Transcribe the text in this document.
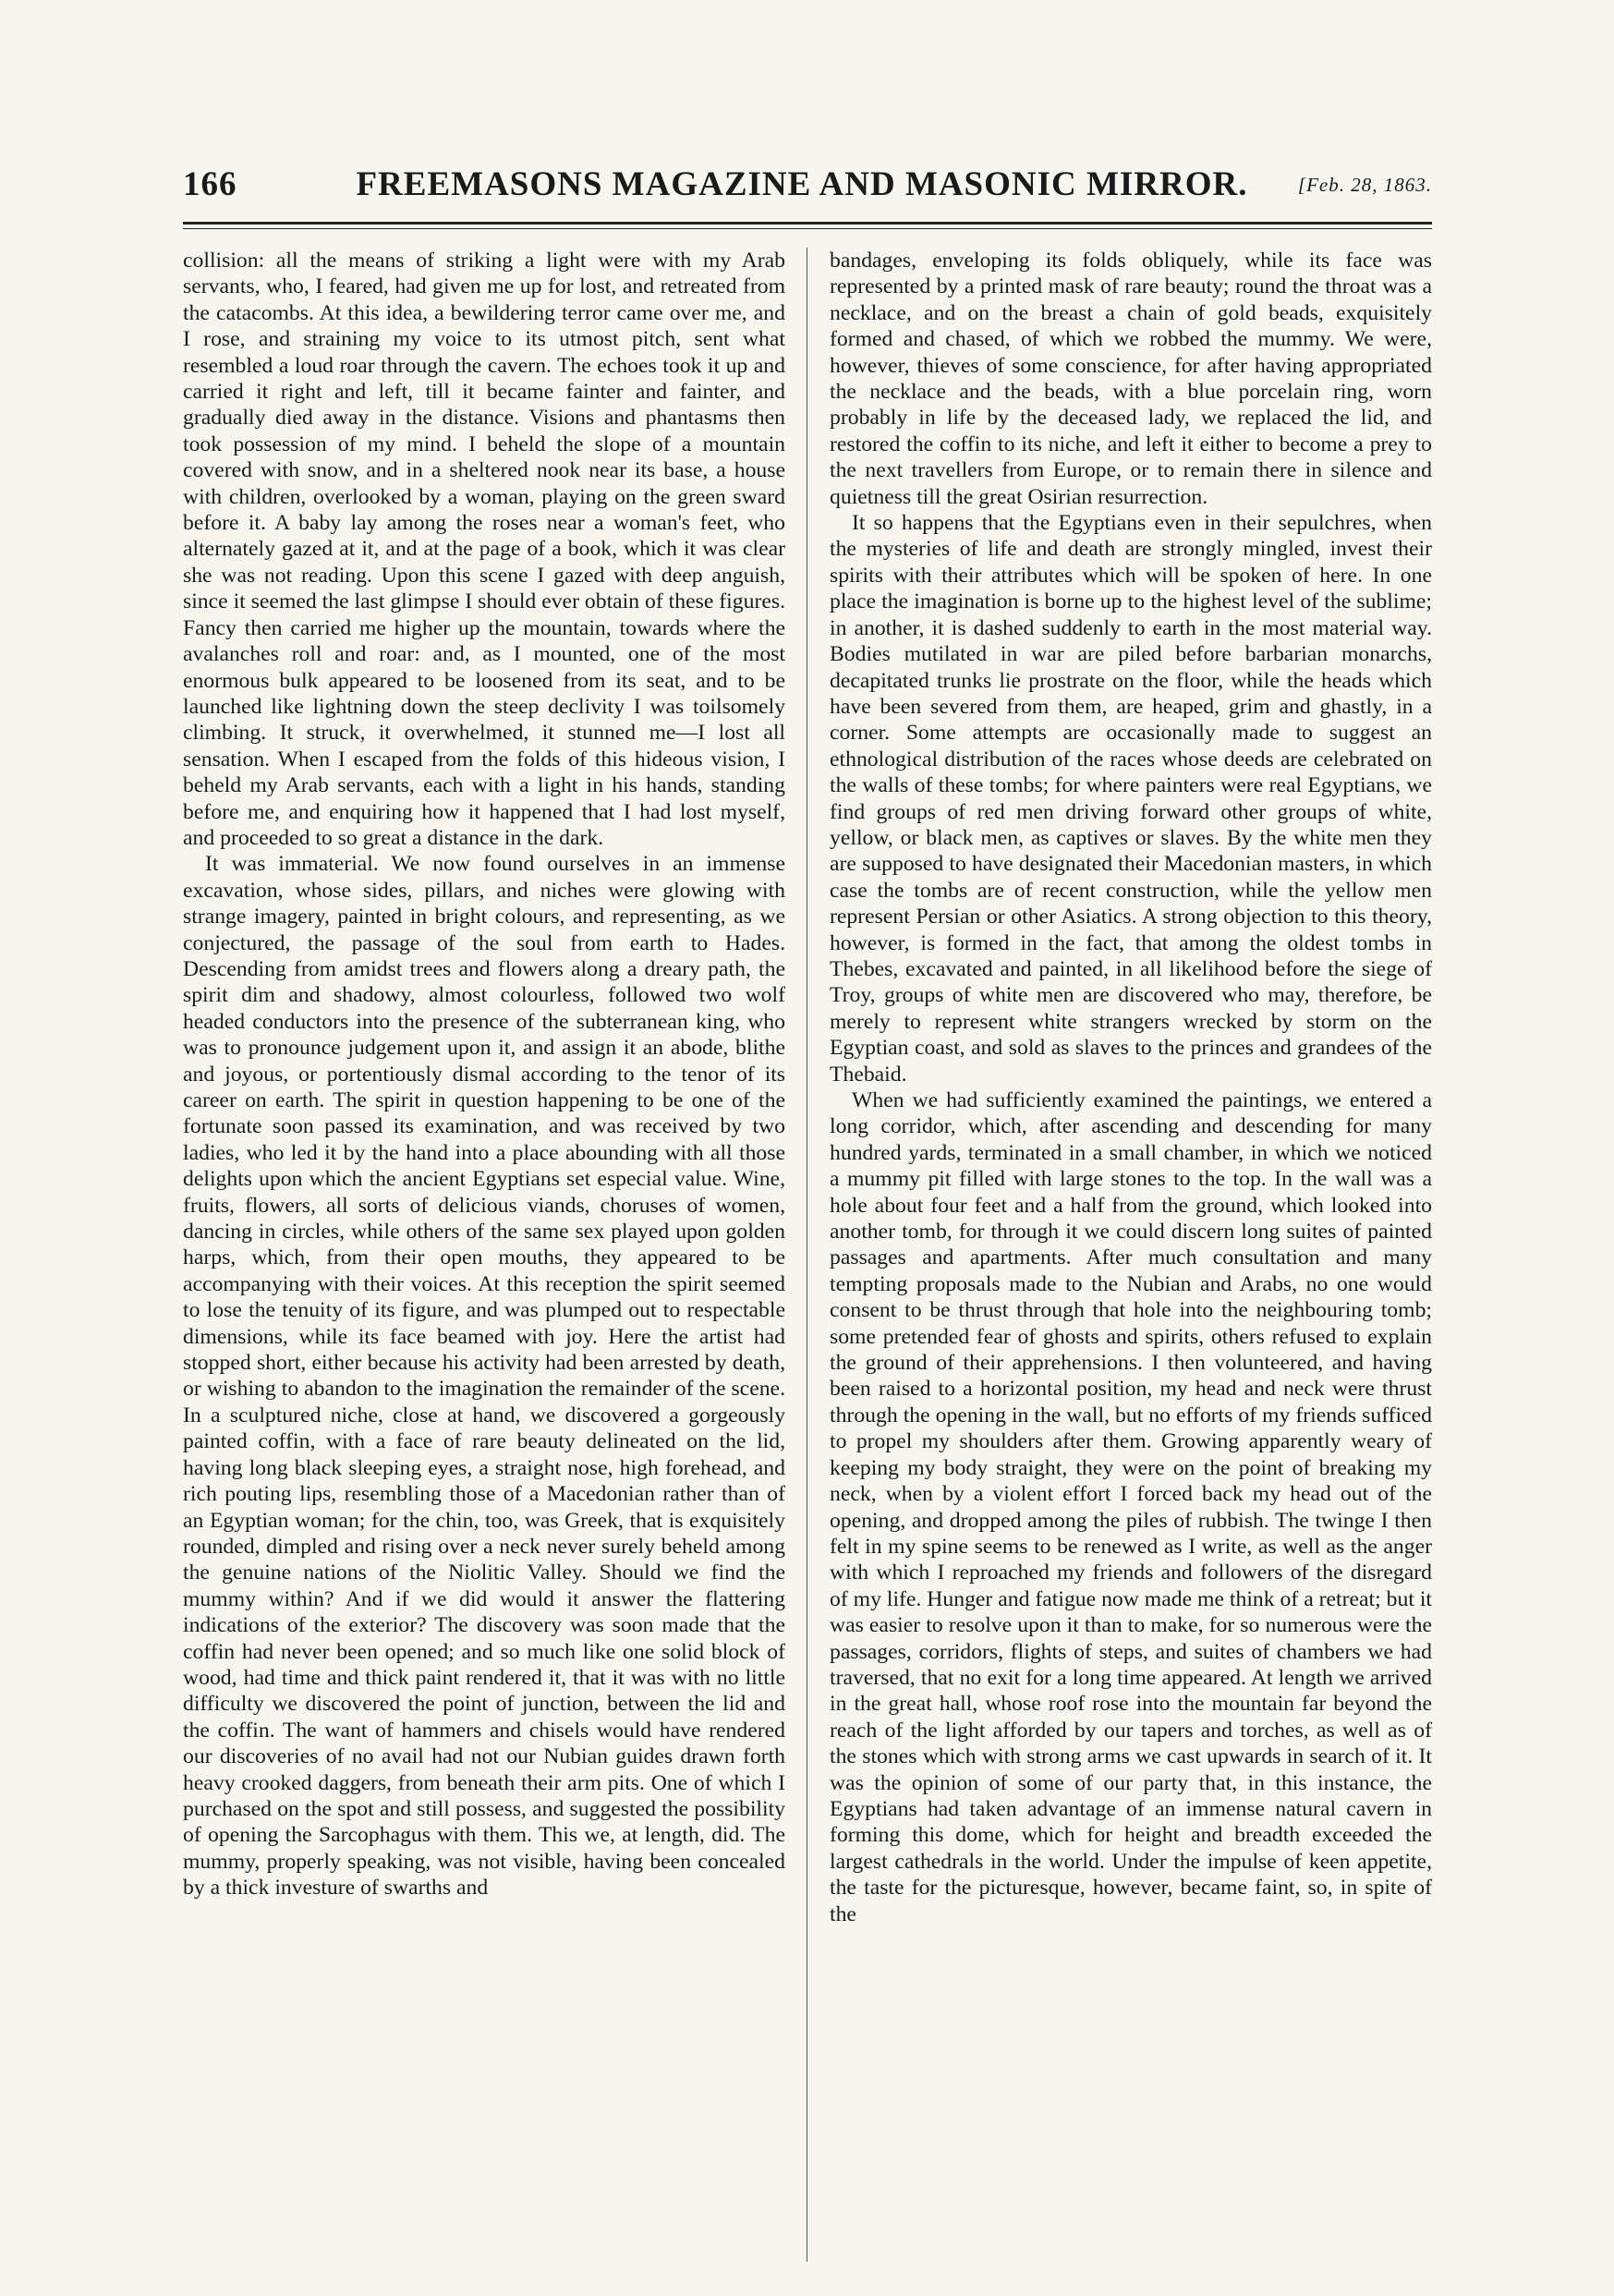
166	FREEMASONS MAGAZINE AND MASONIC MIRROR.	[Feb. 28, 1863.

collision: all the means of striking a light were with my Arab servants, who, I feared, had given me up for lost, and retreated from the catacombs. At this idea, a bewildering terror came over me, and I rose, and straining my voice to its utmost pitch, sent what resembled a loud roar through the cavern. The echoes took it up and carried it right and left, till it became fainter and fainter, and gradually died away in the distance. Visions and phantasms then took possession of my mind. I beheld the slope of a mountain covered with snow, and in a sheltered nook near its base, a house with children, overlooked by a woman, playing on the green sward before it. A baby lay among the roses near a woman's feet, who alternately gazed at it, and at the page of a book, which it was clear she was not reading. Upon this scene I gazed with deep anguish, since it seemed the last glimpse I should ever obtain of these figures. Fancy then carried me higher up the mountain, towards where the avalanches roll and roar: and, as I mounted, one of the most enormous bulk appeared to be loosened from its seat, and to be launched like lightning down the steep declivity I was toilsomely climbing. It struck, it overwhelmed, it stunned me—I lost all sensation. When I escaped from the folds of this hideous vision, I beheld my Arab servants, each with a light in his hands, standing before me, and enquiring how it happened that I had lost myself, and proceeded to so great a distance in the dark.

It was immaterial. We now found ourselves in an immense excavation, whose sides, pillars, and niches were glowing with strange imagery, painted in bright colours, and representing, as we conjectured, the passage of the soul from earth to Hades. Descending from amidst trees and flowers along a dreary path, the spirit dim and shadowy, almost colourless, followed two wolf headed conductors into the presence of the subterranean king, who was to pronounce judgement upon it, and assign it an abode, blithe and joyous, or portentiously dismal according to the tenor of its career on earth. The spirit in question happening to be one of the fortunate soon passed its examination, and was received by two ladies, who led it by the hand into a place abounding with all those delights upon which the ancient Egyptians set especial value. Wine, fruits, flowers, all sorts of delicious viands, choruses of women, dancing in circles, while others of the same sex played upon golden harps, which, from their open mouths, they appeared to be accompanying with their voices. At this reception the spirit seemed to lose the tenuity of its figure, and was plumped out to respectable dimensions, while its face beamed with joy. Here the artist had stopped short, either because his activity had been arrested by death, or wishing to abandon to the imagination the remainder of the scene. In a sculptured niche, close at hand, we discovered a gorgeously painted coffin, with a face of rare beauty delineated on the lid, having long black sleeping eyes, a straight nose, high forehead, and rich pouting lips, resembling those of a Macedonian rather than of an Egyptian woman; for the chin, too, was Greek, that is exquisitely rounded, dimpled and rising over a neck never surely beheld among the genuine nations of the Niolitic Valley. Should we find the mummy within? And if we did would it answer the flattering indications of the exterior? The discovery was soon made that the coffin had never been opened; and so much like one solid block of wood, had time and thick paint rendered it, that it was with no little difficulty we discovered the point of junction, between the lid and the coffin. The want of hammers and chisels would have rendered our discoveries of no avail had not our Nubian guides drawn forth heavy crooked daggers, from beneath their arm pits. One of which I purchased on the spot and still possess, and suggested the possibility of opening the Sarcophagus with them. This we, at length, did. The mummy, properly speaking, was not visible, having been concealed by a thick investure of swarths and

bandages, enveloping its folds obliquely, while its face was represented by a printed mask of rare beauty; round the throat was a necklace, and on the breast a chain of gold beads, exquisitely formed and chased, of which we robbed the mummy. We were, however, thieves of some conscience, for after having appropriated the necklace and the beads, with a blue porcelain ring, worn probably in life by the deceased lady, we replaced the lid, and restored the coffin to its niche, and left it either to become a prey to the next travellers from Europe, or to remain there in silence and quietness till the great Osirian resurrection.

It so happens that the Egyptians even in their sepulchres, when the mysteries of life and death are strongly mingled, invest their spirits with their attributes which will be spoken of here. In one place the imagination is borne up to the highest level of the sublime; in another, it is dashed suddenly to earth in the most material way. Bodies mutilated in war are piled before barbarian monarchs, decapitated trunks lie prostrate on the floor, while the heads which have been severed from them, are heaped, grim and ghastly, in a corner. Some attempts are occasionally made to suggest an ethnological distribution of the races whose deeds are celebrated on the walls of these tombs; for where painters were real Egyptians, we find groups of red men driving forward other groups of white, yellow, or black men, as captives or slaves. By the white men they are supposed to have designated their Macedonian masters, in which case the tombs are of recent construction, while the yellow men represent Persian or other Asiatics. A strong objection to this theory, however, is formed in the fact, that among the oldest tombs in Thebes, excavated and painted, in all likelihood before the siege of Troy, groups of white men are discovered who may, therefore, be merely to represent white strangers wrecked by storm on the Egyptian coast, and sold as slaves to the princes and grandees of the Thebaid.

When we had sufficiently examined the paintings, we entered a long corridor, which, after ascending and descending for many hundred yards, terminated in a small chamber, in which we noticed a mummy pit filled with large stones to the top. In the wall was a hole about four feet and a half from the ground, which looked into another tomb, for through it we could discern long suites of painted passages and apartments. After much consultation and many tempting proposals made to the Nubian and Arabs, no one would consent to be thrust through that hole into the neighbouring tomb; some pretended fear of ghosts and spirits, others refused to explain the ground of their apprehensions. I then volunteered, and having been raised to a horizontal position, my head and neck were thrust through the opening in the wall, but no efforts of my friends sufficed to propel my shoulders after them. Growing apparently weary of keeping my body straight, they were on the point of breaking my neck, when by a violent effort I forced back my head out of the opening, and dropped among the piles of rubbish. The twinge I then felt in my spine seems to be renewed as I write, as well as the anger with which I reproached my friends and followers of the disregard of my life. Hunger and fatigue now made me think of a retreat; but it was easier to resolve upon it than to make, for so numerous were the passages, corridors, flights of steps, and suites of chambers we had traversed, that no exit for a long time appeared. At length we arrived in the great hall, whose roof rose into the mountain far beyond the reach of the light afforded by our tapers and torches, as well as of the stones which with strong arms we cast upwards in search of it. It was the opinion of some of our party that, in this instance, the Egyptians had taken advantage of an immense natural cavern in forming this dome, which for height and breadth exceeded the largest cathedrals in the world. Under the impulse of keen appetite, the taste for the picturesque, however, became faint, so, in spite of the
